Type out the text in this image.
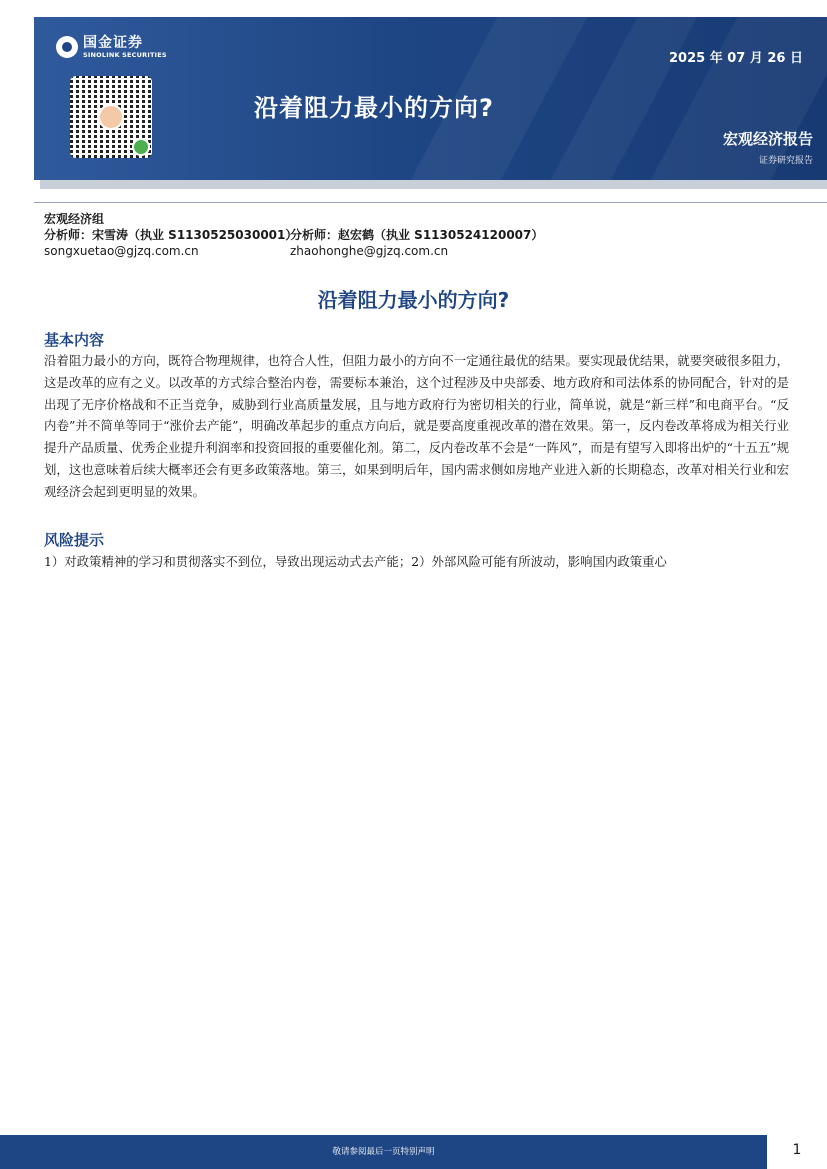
国金证券
SINOLINK SECURITIES
沿着阻力最小的方向?
2025 年 07 月 26 日
宏观经济报告
证券研究报告
宏观经济组
分析师：宋雪涛（执业 S1130525030001）
songxuetao@gjzq.com.cn
分析师：赵宏鹤（执业 S1130524120007）
zhaohonghe@gjzq.com.cn
沿着阻力最小的方向?
基本内容
沿着阻力最小的方向，既符合物理规律，也符合人性，但阻力最小的方向不一定通往最优的结果。要实现最优结果，就要突破很多阻力，这是改革的应有之义。以改革的方式综合整治内卷，需要标本兼治，这个过程涉及中央部委、地方政府和司法体系的协同配合，针对的是出现了无序价格战和不正当竞争，威胁到行业高质量发展，且与地方政府行为密切相关的行业，简单说，就是“新三样”和电商平台。“反内卷”并不简单等同于“涨价去产能”，明确改革起步的重点方向后，就是要高度重视改革的潜在效果。第一，反内卷改革将成为相关行业提升产品质量、优秀企业提升利润率和投资回报的重要催化剂。第二，反内卷改革不会是“一阵风”，而是有望写入即将出炉的“十五五”规划，这也意味着后续大概率还会有更多政策落地。第三，如果到明后年，国内需求侧如房地产业进入新的长期稳态，改革对相关行业和宏观经济会起到更明显的效果。
风险提示
1）对政策精神的学习和贯彻落实不到位，导致出现运动式去产能；2）外部风险可能有所波动，影响国内政策重心
敬请参阅最后一页特别声明	1
